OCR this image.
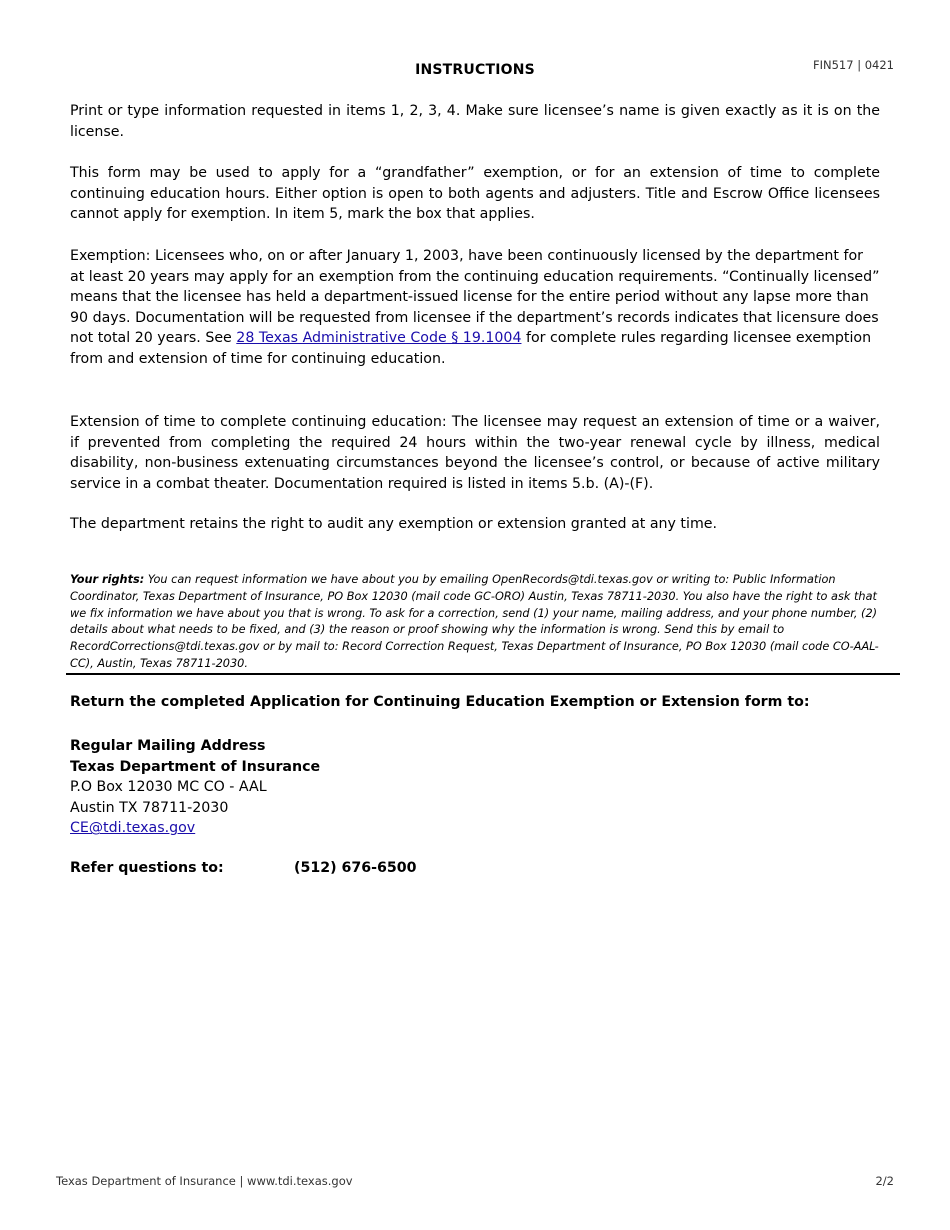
FIN517 | 0421
INSTRUCTIONS

Print or type information requested in items 1, 2, 3, 4. Make sure licensee’s name is given exactly as it is on the license.

This form may be used to apply for a “grandfather” exemption, or for an extension of time to complete continuing education hours. Either option is open to both agents and adjusters. Title and Escrow Office licensees cannot apply for exemption. In item 5, mark the box that applies.

Exemption: Licensees who, on or after January 1, 2003, have been continuously licensed by the department for at least 20 years may apply for an exemption from the continuing education requirements. “Continually licensed” means that the licensee has held a department-issued license for the entire period without any lapse more than 90 days. Documentation will be requested from licensee if the department’s records indicates that licensure does not total 20 years. See 28 Texas Administrative Code § 19.1004 for complete rules regarding licensee exemption from and extension of time for continuing education.

Extension of time to complete continuing education: The licensee may request an extension of time or a waiver, if prevented from completing the required 24 hours within the two-year renewal cycle by illness, medical disability, non-business extenuating circumstances beyond the licensee’s control, or because of active military service in a combat theater. Documentation required is listed in items 5.b. (A)-(F).

The department retains the right to audit any exemption or extension granted at any time.

Your rights: You can request information we have about you by emailing OpenRecords@tdi.texas.gov or writing to: Public Information Coordinator, Texas Department of Insurance, PO Box 12030 (mail code GC-ORO) Austin, Texas 78711-2030. You also have the right to ask that we fix information we have about you that is wrong. To ask for a correction, send (1) your name, mailing address, and your phone number, (2) details about what needs to be fixed, and (3) the reason or proof showing why the information is wrong. Send this by email to RecordCorrections@tdi.texas.gov or by mail to: Record Correction Request, Texas Department of Insurance, PO Box 12030 (mail code CO-AAL-CC), Austin, Texas 78711-2030.

Return the completed Application for Continuing Education Exemption or Extension form to:

Regular Mailing Address
Texas Department of Insurance
P.O Box 12030 MC CO - AAL
Austin TX 78711-2030
CE@tdi.texas.gov
Refer questions to:	(512) 676-6500
Texas Department of Insurance | www.tdi.texas.gov	2/2
